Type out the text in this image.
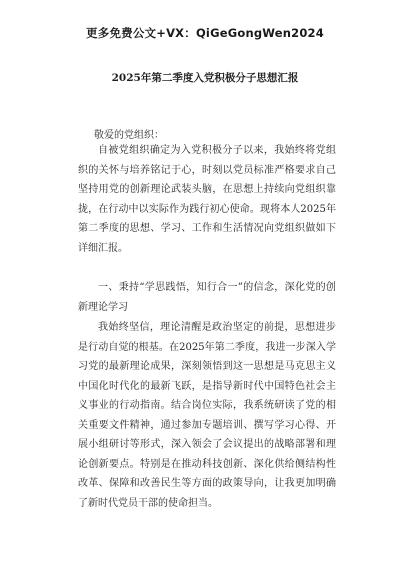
更多免费公文+VX：QiGeGongWen2024
2025年第二季度入党积极分子思想汇报
敬爱的党组织：
自被党组织确定为入党积极分子以来，我始终将党组织的关怀与培养铭记于心，时刻以党员标准严格要求自己坚持用党的创新理论武装头脑，在思想上持续向党组织靠拢，在行动中以实际作为践行初心使命。现将本人2025年第二季度的思想、学习、工作和生活情况向党组织做如下详细汇报。
一、秉持“学思践悟，知行合一”的信念，深化党的创新理论学习
我始终坚信，理论清醒是政治坚定的前提，思想进步是行动自觉的根基。在2025年第二季度，我进一步深入学习党的最新理论成果，深刻领悟到这一思想是马克思主义中国化时代化的最新飞跃，是指导新时代中国特色社会主义事业的行动指南。结合岗位实际，我系统研读了党的相关重要文件精神，通过参加专题培训、撰写学习心得、开展小组研讨等形式，深入领会了会议提出的战略部署和理论创新要点。特别是在推动科技创新、深化供给侧结构性改革、保障和改善民生等方面的政策导向，让我更加明确了新时代党员干部的使命担当。
